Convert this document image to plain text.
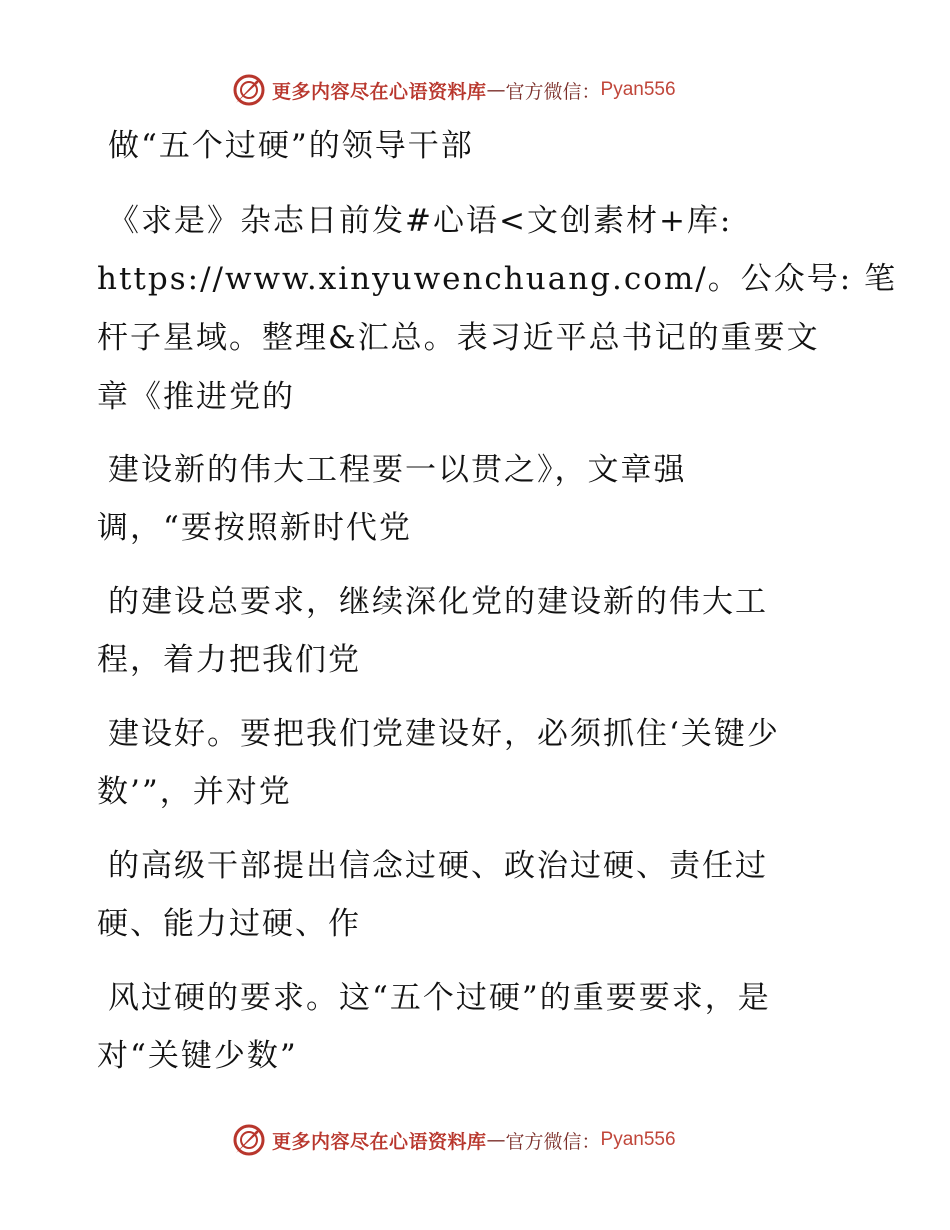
更多内容尽在心语资料库 — 官方微信： Pyan556
做“五个过硬”的领导干部
《求是》杂志日前发#心语<文创素材+库:
https://www.xinyuwenchuang.com/。公众号: 笔
杆子星域。整理&汇总。表习近平总书记的重要文
章《推进党的
建设新的伟大工程要一以贯之》，文章强
调，“要按照新时代党
的建设总要求，继续深化党的建设新的伟大工
程，着力把我们党
建设好。要把我们党建设好，必须抓住‘关键少
数’”，并对党
的高级干部提出信念过硬、政治过硬、责任过
硬、能力过硬、作
风过硬的要求。这“五个过硬”的重要要求，是
对“关键少数”
更多内容尽在心语资料库 — 官方微信： Pyan556
